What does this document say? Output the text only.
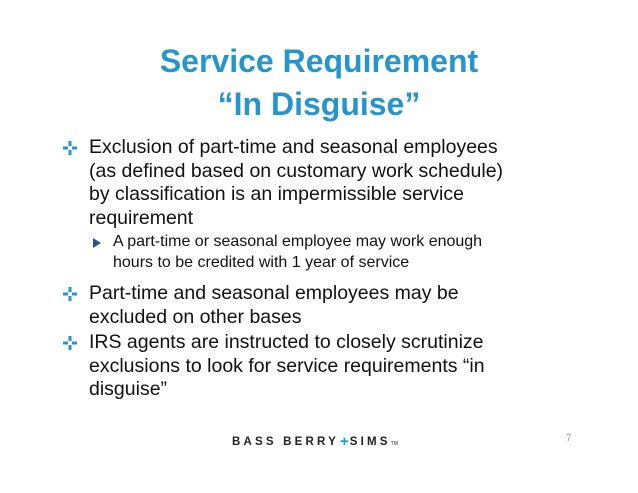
Service Requirement
“In Disguise”
Exclusion of part-time and seasonal employees
(as defined based on customary work schedule)
by classification is an impermissible service
requirement
A part-time or seasonal employee may work enough
hours to be credited with 1 year of service
Part-time and seasonal employees may be
excluded on other bases
IRS agents are instructed to closely scrutinize
exclusions to look for service requirements “in
disguise”
BASS BERRY+SIMSTM	7
